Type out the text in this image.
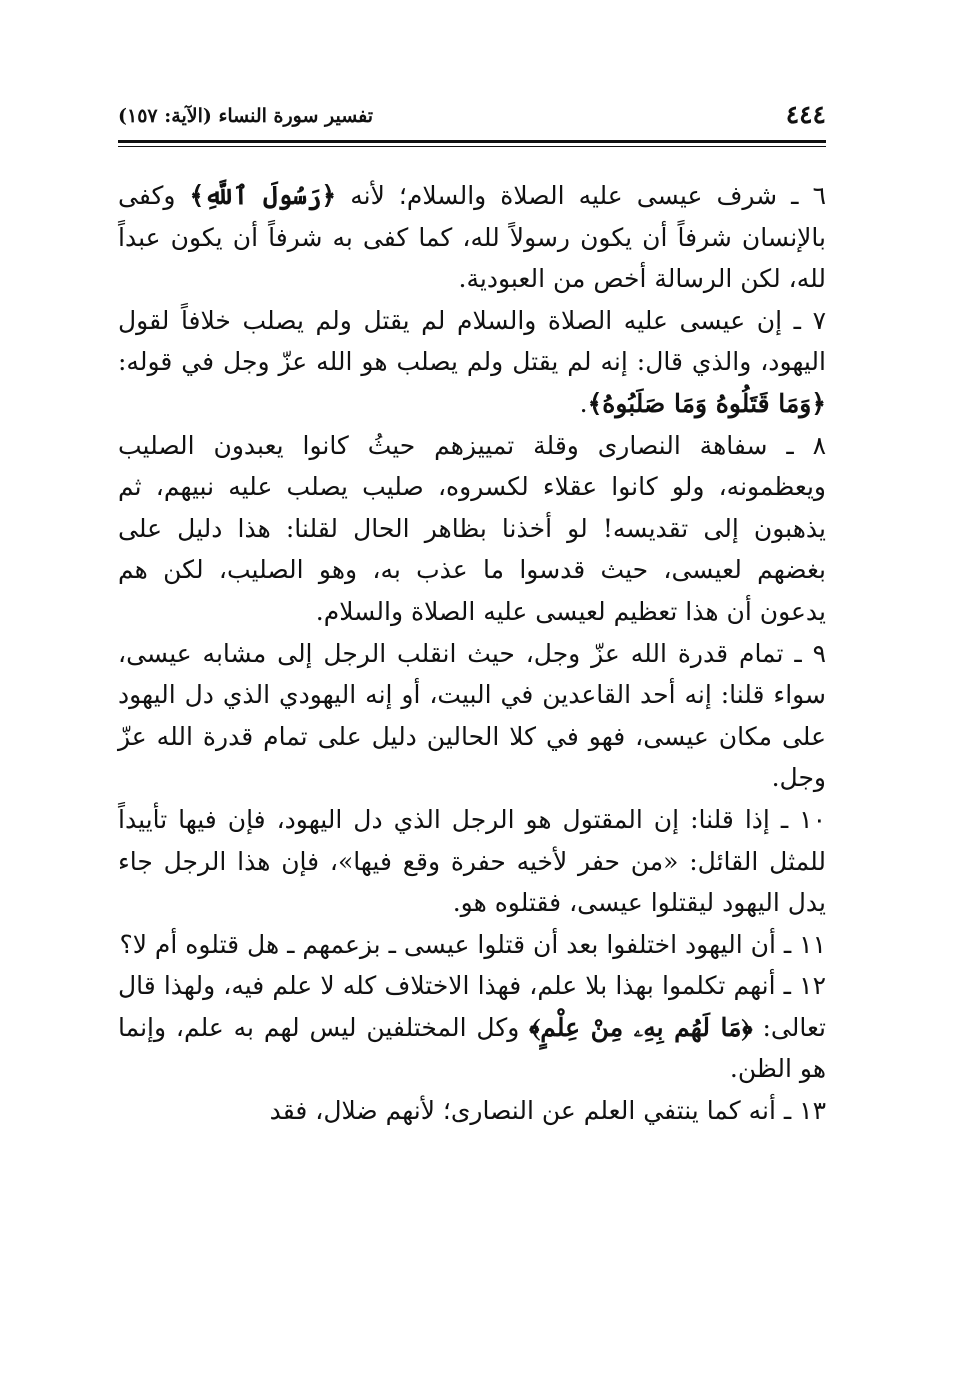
٤٤٤
تفسير سورة النساء (الآية: ١٥٧)

٦ ـ شرف عيسى عليه الصلاة والسلام؛ لأنه ﴿رَسُولَ ٱللَّهِ﴾ وكفى بالإنسان شرفاً أن يكون رسولاً لله، كما كفى به شرفاً أن يكون عبداً لله، لكن الرسالة أخص من العبودية.

٧ ـ إن عيسى عليه الصلاة والسلام لم يقتل ولم يصلب خلافاً لقول اليهود، والذي قال: إنه لم يقتل ولم يصلب هو الله عزّ وجل في قوله: ﴿وَمَا قَتَلُوهُ وَمَا صَلَبُوهُ﴾.

٨ ـ سفاهة النصارى وقلة تمييزهم حيثُ كانوا يعبدون الصليب ويعظمونه، ولو كانوا عقلاء لكسروه، صليب يصلب عليه نبيهم، ثم يذهبون إلى تقديسه! لو أخذنا بظاهر الحال لقلنا: هذا دليل على بغضهم لعيسى، حيث قدسوا ما عذب به، وهو الصليب، لكن هم يدعون أن هذا تعظيم لعيسى عليه الصلاة والسلام.

٩ ـ تمام قدرة الله عزّ وجل، حيث انقلب الرجل إلى مشابه عيسى، سواء قلنا: إنه أحد القاعدين في البيت، أو إنه اليهودي الذي دل اليهود على مكان عيسى، فهو في كلا الحالين دليل على تمام قدرة الله عزّ وجل.

١٠ ـ إذا قلنا: إن المقتول هو الرجل الذي دل اليهود، فإن فيها تأييداً للمثل القائل: «من حفر لأخيه حفرة وقع فيها»، فإن هذا الرجل جاء يدل اليهود ليقتلوا عيسى، فقتلوه هو.

١١ ـ أن اليهود اختلفوا بعد أن قتلوا عيسى ـ بزعمهم ـ هل قتلوه أم لا؟

١٢ ـ أنهم تكلموا بهذا بلا علم، فهذا الاختلاف كله لا علم فيه، ولهذا قال تعالى: ﴿مَا لَهُم بِهِۦ مِنْ عِلْمٍ﴾ وكل المختلفين ليس لهم به علم، وإنما هو الظن.

١٣ ـ أنه كما ينتفي العلم عن النصارى؛ لأنهم ضلال، فقد
